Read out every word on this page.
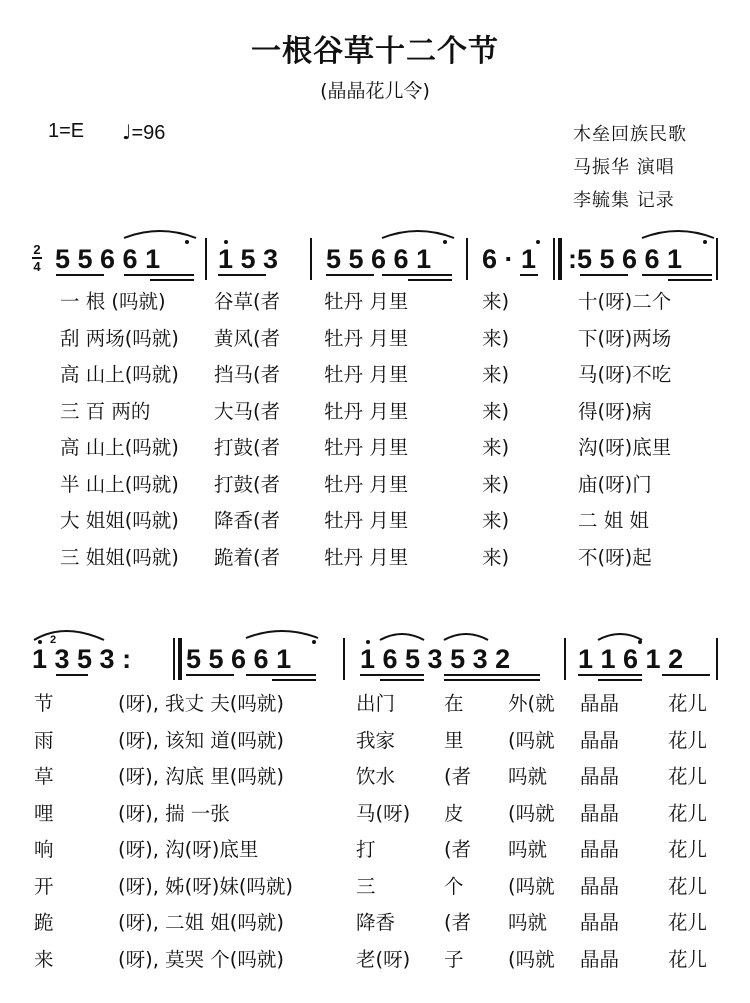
一根谷草十二个节
(晶晶花儿令)
1=E ♩=96	木垒回族民歌
马振华 演唱
李毓集 记录
2
4 5 5 6 6 1 1 5 3 5 5 6 6 1 6 · 1 :5 5 6 6 1
1 3 5 3 :
2
5 5 6 6 1	1 6 5 3 5 3 2	1 1 6 1 2
一 根 (吗就)	谷草(者	牡丹 月里	来)	十(呀)二个
刮 两场(吗就)	黄风(者	牡丹 月里	来)	下(呀)两场
高 山上(吗就)	挡马(者	牡丹 月里	来)	马(呀)不吃
三 百 两的	大马(者	牡丹 月里	来)	得(呀)病
高 山上(吗就)	打鼓(者	牡丹 月里	来)	沟(呀)底里
半 山上(吗就)	打鼓(者	牡丹 月里	来)	庙(呀)门
大 姐姐(吗就)	降香(者	牡丹 月里	来)	二 姐 姐
三 姐姐(吗就)	跪着(者	牡丹 月里	来)	不(呀)起
节	(呀), 我丈 夫(吗就)	出门	在	外(就	晶晶	花儿
雨	(呀), 该知 道(吗就)	我家	里	(吗就	晶晶	花儿
草	(呀), 沟底 里(吗就)	饮水	(者	吗就	晶晶	花儿
哩	(呀), 揣 一张	马(呀)	皮	(吗就	晶晶	花儿
响	(呀), 沟(呀)底里	打	(者	吗就	晶晶	花儿
开	(呀), 姊(呀)妹(吗就)	三	个	(吗就	晶晶	花儿
跪	(呀), 二姐 姐(吗就)	降香	(者	吗就	晶晶	花儿
来	(呀), 莫哭 个(吗就)	老(呀)	子	(吗就	晶晶	花儿
